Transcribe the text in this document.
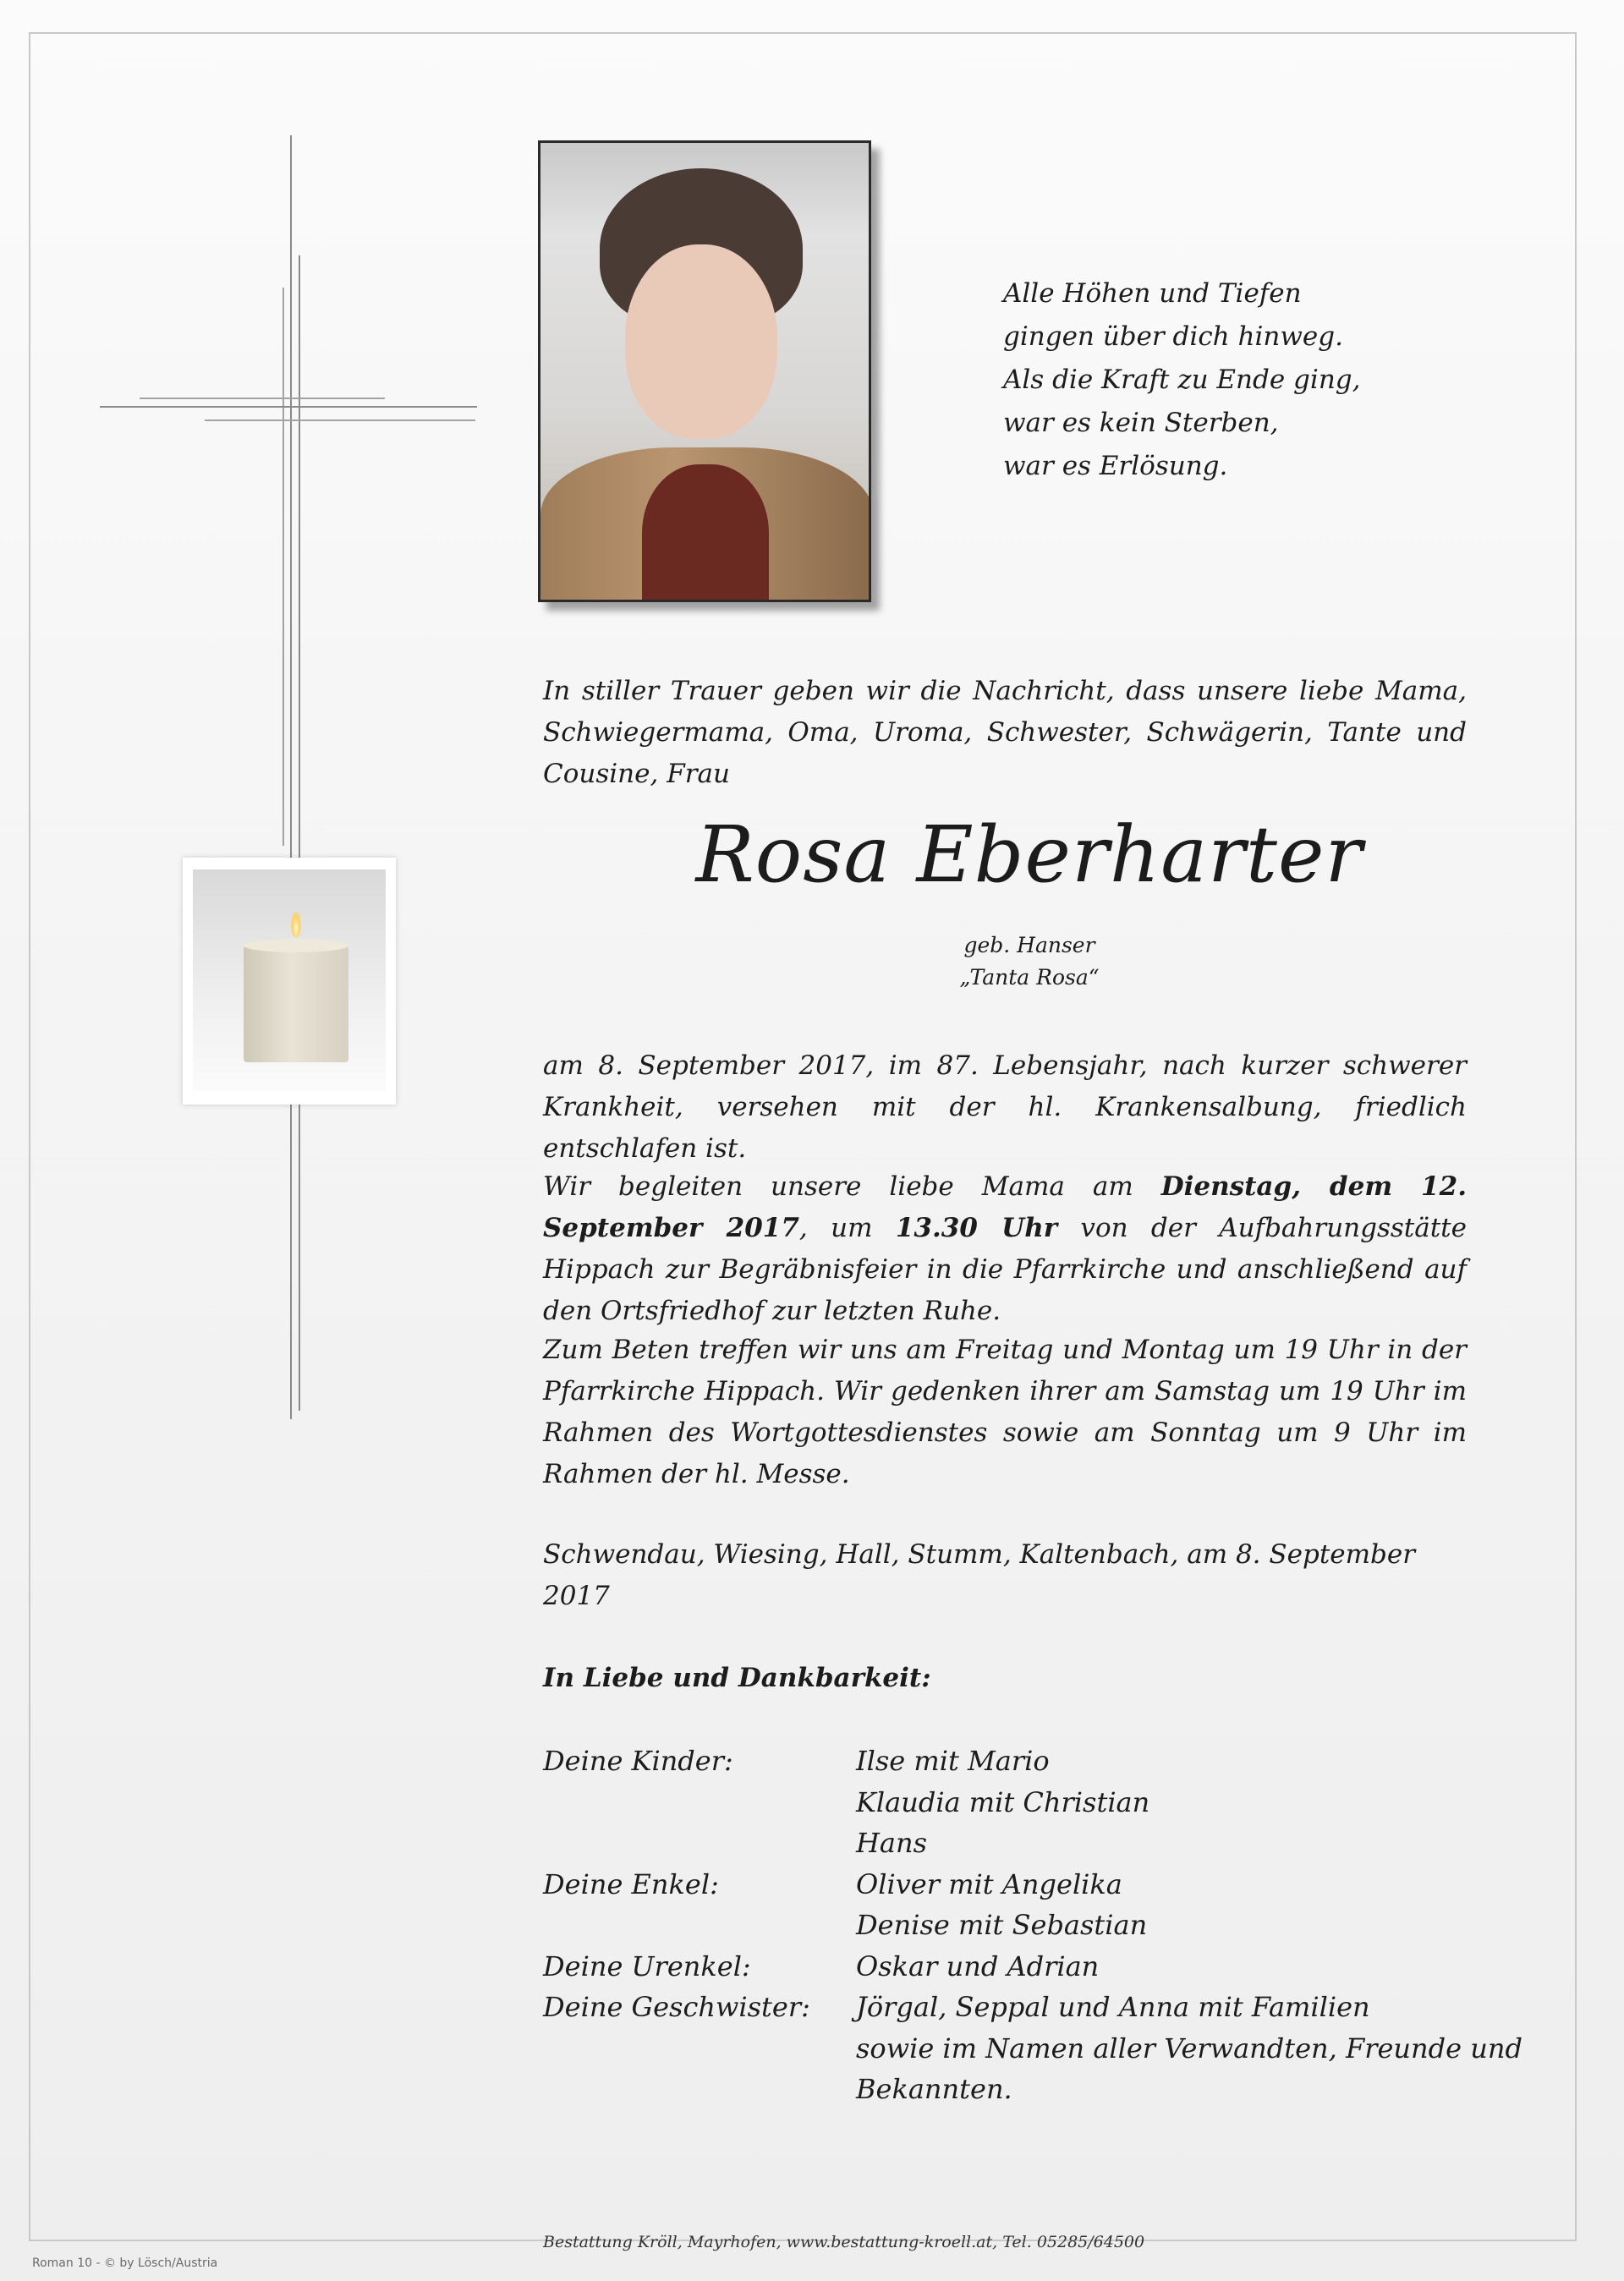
Alle Höhen und Tiefen
gingen über dich hinweg.
Als die Kraft zu Ende ging,
war es kein Sterben,
war es Erlösung.
In stiller Trauer geben wir die Nachricht, dass unsere liebe Mama, Schwiegermama, Oma, Uroma, Schwester, Schwägerin, Tante und Cousine, Frau
Rosa Eberharter
geb. Hanser
„Tanta Rosa“
am 8. September 2017, im 87. Lebensjahr, nach kurzer schwerer Krankheit, versehen mit der hl. Krankensalbung, friedlich entschlafen ist.
Wir begleiten unsere liebe Mama am Dienstag, dem 12. September 2017, um 13.30 Uhr von der Aufbahrungsstätte Hippach zur Begräbnisfeier in die Pfarrkirche und anschließend auf den Ortsfriedhof zur letzten Ruhe.
Zum Beten treffen wir uns am Freitag und Montag um 19 Uhr in der Pfarrkirche Hippach. Wir gedenken ihrer am Samstag um 19 Uhr im Rahmen des Wortgottesdienstes sowie am Sonntag um 9 Uhr im Rahmen der hl. Messe.
Schwendau, Wiesing, Hall, Stumm, Kaltenbach, am 8. September 2017
In Liebe und Dankbarkeit:
Deine Kinder:	Ilse mit Mario
Klaudia mit Christian
Hans
Deine Enkel:	Oliver mit Angelika
Denise mit Sebastian
Deine Urenkel:	Oskar und Adrian
Deine Geschwister:	Jörgal, Seppal und Anna mit Familien
sowie im Namen aller Verwandten, Freunde und
Bekannten.
Bestattung Kröll, Mayrhofen, www.bestattung-kroell.at, Tel. 05285/64500
Roman 10 - © by Lösch/Austria
